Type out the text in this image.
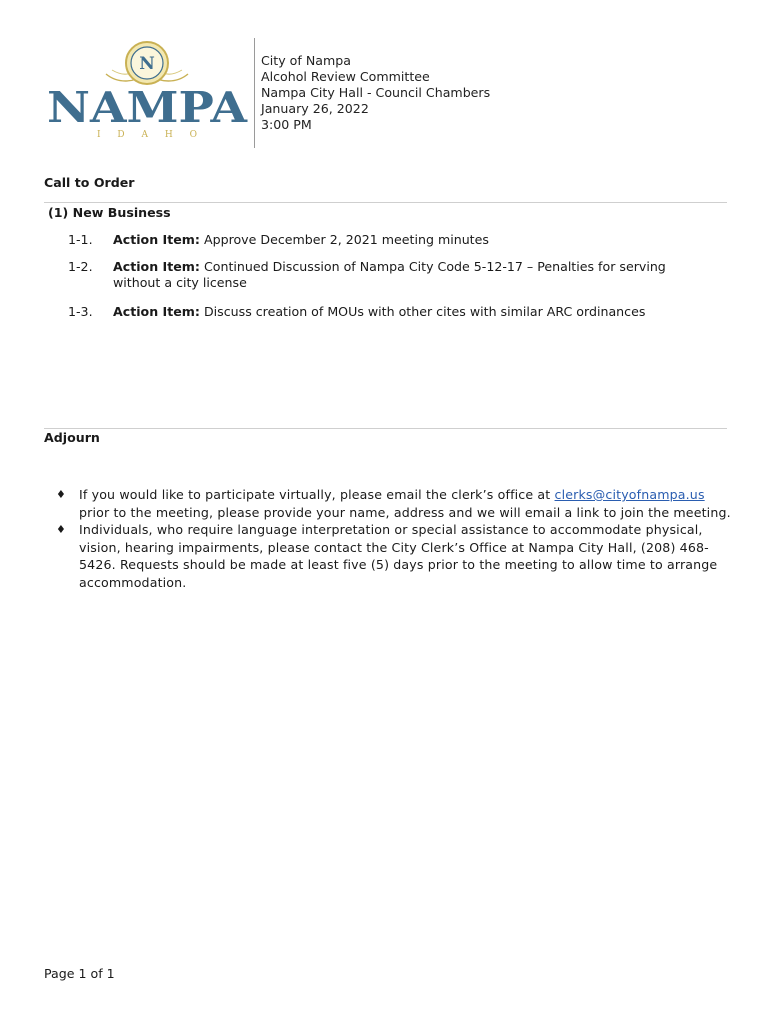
N
NAMPA
I D A H O
City of Nampa
Alcohol Review Committee
Nampa City Hall - Council Chambers
January 26, 2022
3:00 PM
Call to Order
(1) New Business
1-1. Action Item: Approve December 2, 2021 meeting minutes
1-2. Action Item: Continued Discussion of Nampa City Code 5-12-17 – Penalties for serving without a city license
1-3. Action Item: Discuss creation of MOUs with other cites with similar ARC ordinances
Adjourn
♦ If you would like to participate virtually, please email the clerk’s office at clerks@cityofnampa.us prior to the meeting, please provide your name, address and we will email a link to join the meeting.
♦ Individuals, who require language interpretation or special assistance to accommodate physical, vision, hearing impairments, please contact the City Clerk’s Office at Nampa City Hall, (208) 468-5426. Requests should be made at least five (5) days prior to the meeting to allow time to arrange accommodation.
Page 1 of 1
